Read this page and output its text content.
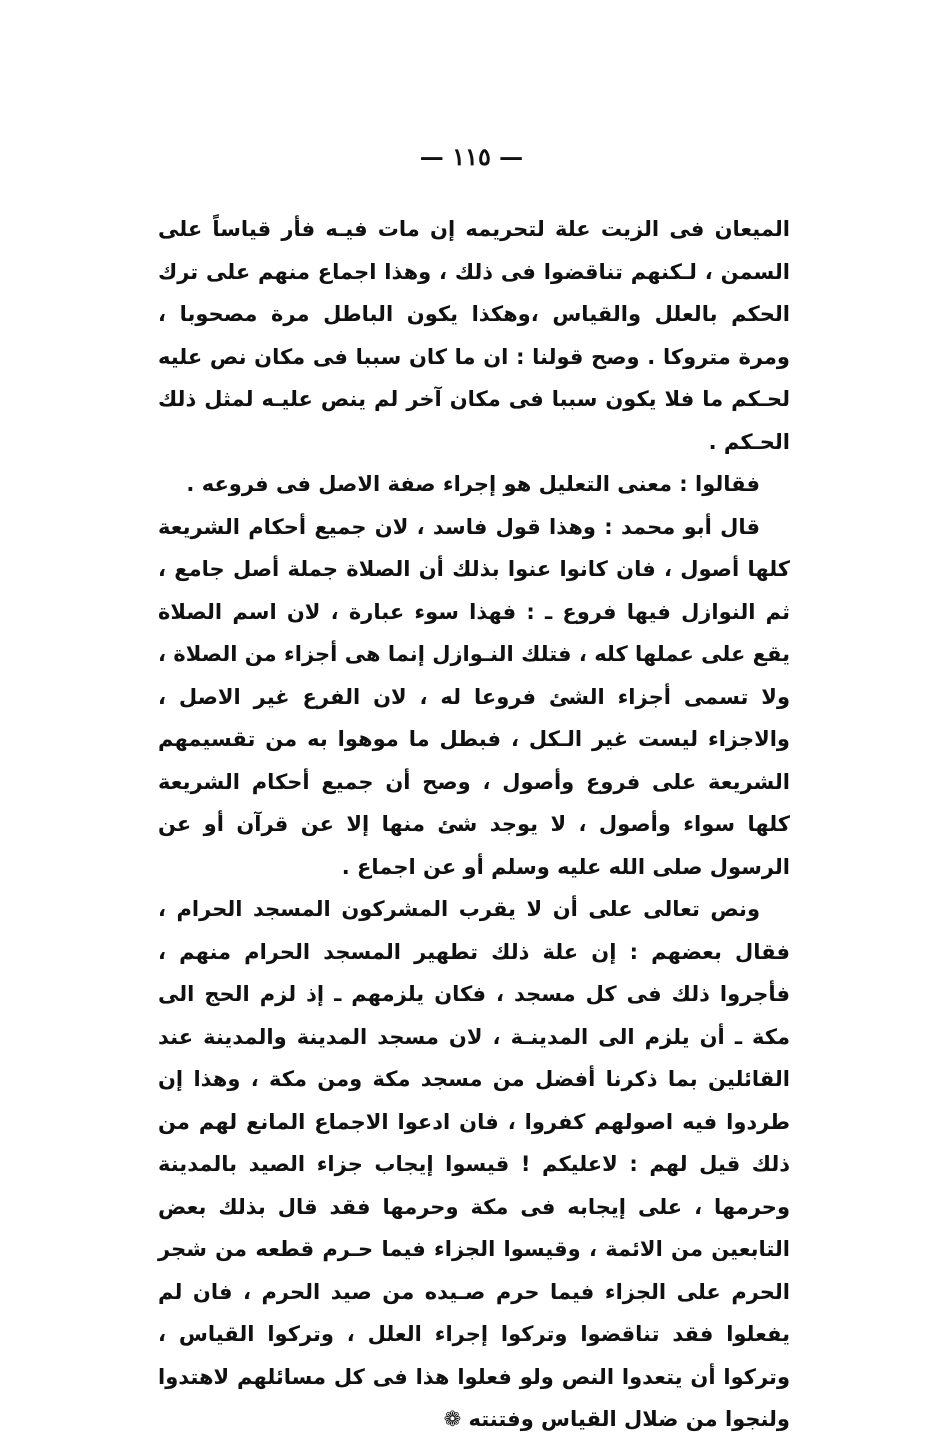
— ١١٥ —

الميعان فى الزيت علة لتحريمه إن مات فيـه فأر قياساً على السمن ، لـكنهم تناقضوا فى ذلك ، وهذا اجماع منهم على ترك الحكم بالعلل والقياس ،وهكذا يكون الباطل مرة مصحوبا ، ومرة متروكا . وصح قولنا : ان ما كان سببا فى مكان نص عليه لحـكم ما فلا يكون سببا فى مكان آخر لم ينص عليـه لمثل ذلك الحـكم .

فقالوا : معنى التعليل هو إجراء صفة الاصل فى فروعه .

قال أبو محمد : وهذا قول فاسد ، لان جميع أحكام الشريعة كلها أصول ، فان كانوا عنوا بذلك أن الصلاة جملة أصل جامع ، ثم النوازل فيها فروع ـ : فهذا سوء عبارة ، لان اسم الصلاة يقع على عملها كله ، فتلك النـوازل إنما هى أجزاء من الصلاة ، ولا تسمى أجزاء الشئ فروعا له ، لان الفرع غير الاصل ، والاجزاء ليست غير الـكل ، فبطل ما موهوا به من تقسيمهم الشريعة على فروع وأصول ، وصح أن جميع أحكام الشريعة كلها سواء وأصول ، لا يوجد شئ منها إلا عن قرآن أو عن الرسول صلى الله عليه وسلم أو عن اجماع .

ونص تعالى على أن لا يقرب المشركون المسجد الحرام ، فقال بعضهم : إن علة ذلك تطهير المسجد الحرام منهم ، فأجروا ذلك فى كل مسجد ، فكان يلزمهم ـ إذ لزم الحج الى مكة ـ أن يلزم الى المدينـة ، لان مسجد المدينة والمدينة عند القائلين بما ذكرنا أفضل من مسجد مكة ومن مكة ، وهذا إن طردوا فيه اصولهم كفروا ، فان ادعوا الاجماع المانع لهم من ذلك قيل لهم : لاعليكم ! قيسوا إيجاب جزاء الصيد بالمدينة وحرمها ، على إيجابه فى مكة وحرمها فقد قال بذلك بعض التابعين من الائمة ، وقيسوا الجزاء فيما حـرم قطعه من شجر الحرم على الجزاء فيما حرم صـيده من صيد الحرم ، فان لم يفعلوا فقد تناقضوا وتركوا إجراء العلل ، وتركوا القياس ، وتركوا أن يتعدوا النص ولو فعلوا هذا فى كل مسائلهم لاهتدوا ولنجوا من ضلال القياس وفتنته ❁
